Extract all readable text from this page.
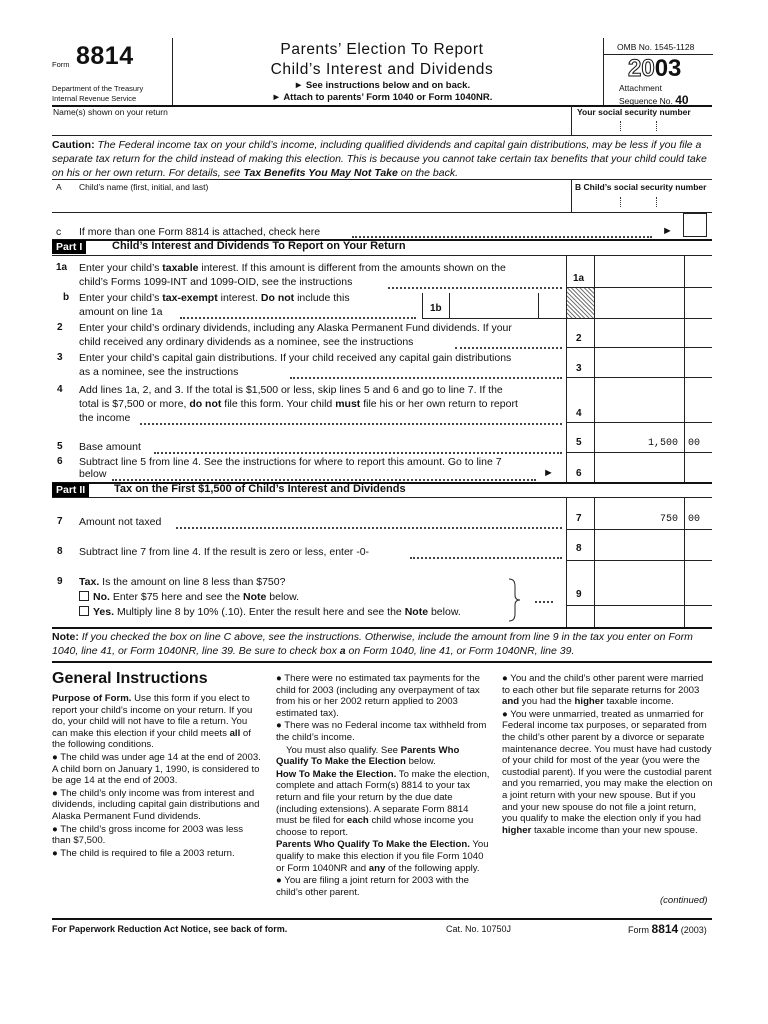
Form 8814
Department of the Treasury
Internal Revenue Service
Parents’ Election To Report
Child’s Interest and Dividends
► See instructions below and on back.
► Attach to parents’ Form 1040 or Form 1040NR.
OMB No. 1545-1128
2003
Attachment
Sequence No. 40
Name(s) shown on your return	Your social security number
Caution: The Federal income tax on your child’s income, including qualified dividends and capital gain distributions, may be less if you file a separate tax return for the child instead of making this election. This is because you cannot take certain tax benefits that your child could take on his or her own return. For details, see Tax Benefits You May Not Take on the back.
A Child’s name (first, initial, and last)	B Child’s social security number
c If more than one Form 8814 is attached, check here	►
Part I	Child’s Interest and Dividends To Report on Your Return
1a Enter your child’s taxable interest. If this amount is different from the amounts shown on the
child’s Forms 1099-INT and 1099-OID, see the instructions	1a
b Enter your child’s tax-exempt interest. Do not include this
amount on line 1a	1b
2 Enter your child’s ordinary dividends, including any Alaska Permanent Fund dividends. If your
child received any ordinary dividends as a nominee, see the instructions	2
3 Enter your child’s capital gain distributions. If your child received any capital gain distributions
as a nominee, see the instructions	3
4 Add lines 1a, 2, and 3. If the total is $1,500 or less, skip lines 5 and 6 and go to line 7. If the
total is $7,500 or more, do not file this form. Your child must file his or her own return to report
the income	4
5 Base amount	5	1,500 00
6 Subtract line 5 from line 4. See the instructions for where to report this amount. Go to line 7
below	► 6
Part II	Tax on the First $1,500 of Child’s Interest and Dividends
7 Amount not taxed	7	750 00
8 Subtract line 7 from line 4. If the result is zero or less, enter -0-	8
9 Tax. Is the amount on line 8 less than $750?
No. Enter $75 here and see the Note below.
Yes. Multiply line 8 by 10% (.10). Enter the result here and see the Note below.
9
Note: If you checked the box on line C above, see the instructions. Otherwise, include the amount from line 9 in the tax you enter on Form 1040, line 41, or Form 1040NR, line 39. Be sure to check box a on Form 1040, line 41, or Form 1040NR, line 39.
General Instructions

Purpose of Form. Use this form if you elect to report your child’s income on your return. If you do, your child will not have to file a return. You can make this election if your child meets all of the following conditions.

● The child was under age 14 at the end of 2003. A child born on January 1, 1990, is considered to be age 14 at the end of 2003.

● The child’s only income was from interest and dividends, including capital gain distributions and Alaska Permanent Fund dividends.

● The child’s gross income for 2003 was less than $7,500.

● The child is required to file a 2003 return.

● There were no estimated tax payments for the child for 2003 (including any overpayment of tax from his or her 2002 return applied to 2003 estimated tax).

● There was no Federal income tax withheld from the child’s income.

You must also qualify. See Parents Who Qualify To Make the Election below.

How To Make the Election. To make the election, complete and attach Form(s) 8814 to your tax return and file your return by the due date (including extensions). A separate Form 8814 must be filed for each child whose income you choose to report.

Parents Who Qualify To Make the Election. You qualify to make this election if you file Form 1040 or Form 1040NR and any of the following apply.

● You are filing a joint return for 2003 with the child’s other parent.

● You and the child’s other parent were married to each other but file separate returns for 2003 and you had the higher taxable income.

● You were unmarried, treated as unmarried for Federal income tax purposes, or separated from the child’s other parent by a divorce or separate maintenance decree. You must have had custody of your child for most of the year (you were the custodial parent). If you were the custodial parent and you remarried, you may make the election on a joint return with your new spouse. But if you and your new spouse do not file a joint return, you qualify to make the election only if you had higher taxable income than your new spouse.

(continued)
For Paperwork Reduction Act Notice, see back of form.	Cat. No. 10750J	Form 8814 (2003)
